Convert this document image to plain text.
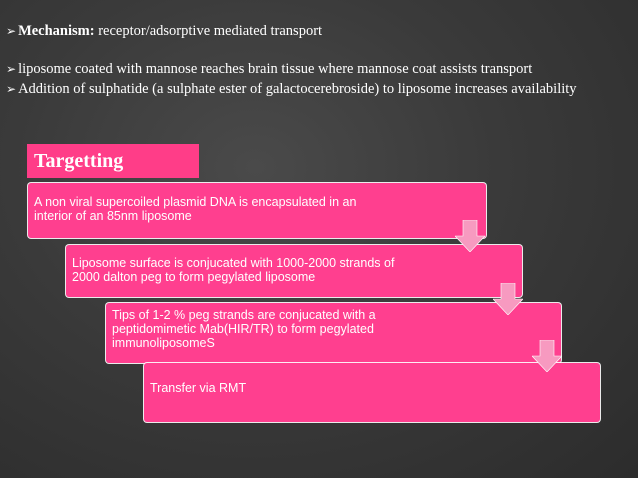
➢ Mechanism: receptor/adsorptive mediated transport
➢ liposome coated with mannose reaches brain tissue where mannose coat assists transport
➢ Addition of sulphatide (a sulphate ester of galactocerebroside) to liposome increases availability
Targetting
A non viral supercoiled plasmid DNA is encapsulated in an interior of an 85nm liposome
Liposome surface is conjucated with 1000-2000 strands of 2000 dalton peg to form pegylated liposome
Tips of 1-2 % peg strands are conjucated with a peptidomimetic Mab(HIR/TR) to form pegylated immunoliposomeS
Transfer via RMT
